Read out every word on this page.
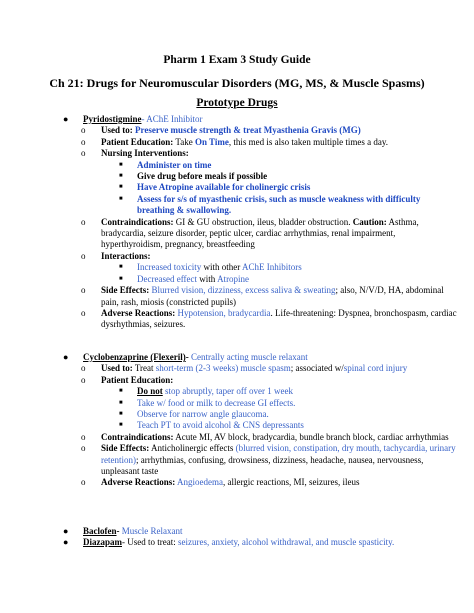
Pharm 1 Exam 3 Study Guide
Ch 21: Drugs for Neuromuscular Disorders (MG, MS, & Muscle Spasms)
Prototype Drugs
● Pyridostigmine- AChE Inhibitor
o Used to: Preserve muscle strength & treat Myasthenia Gravis (MG)
o Patient Education: Take On Time, this med is also taken multiple times a day.
o Nursing Interventions:
■ Administer on time
■ Give drug before meals if possible
■ Have Atropine available for cholinergic crisis
■ Assess for s/s of myasthenic crisis, such as muscle weakness with difficulty breathing & swallowing.
o Contraindications: GI & GU obstruction, ileus, bladder obstruction. Caution: Asthma, bradycardia, seizure disorder, peptic ulcer, cardiac arrhythmias, renal impairment, hyperthyroidism, pregnancy, breastfeeding
o Interactions:
■ Increased toxicity with other AChE Inhibitors
■ Decreased effect with Atropine
o Side Effects: Blurred vision, dizziness, excess saliva & sweating; also, N/V/D, HA, abdominal pain, rash, miosis (constricted pupils)
o Adverse Reactions: Hypotension, bradycardia. Life-threatening: Dyspnea, bronchospasm, cardiac dysrhythmias, seizures.
● Cyclobenzaprine (Flexeril)- Centrally acting muscle relaxant
o Used to: Treat short-term (2-3 weeks) muscle spasm; associated w/spinal cord injury
o Patient Education:
■ Do not stop abruptly, taper off over 1 week
■ Take w/ food or milk to decrease GI effects.
■ Observe for narrow angle glaucoma.
■ Teach PT to avoid alcohol & CNS depressants
o Contraindications: Acute MI, AV block, bradycardia, bundle branch block, cardiac arrhythmias
o Side Effects: Anticholinergic effects (blurred vision, constipation, dry mouth, tachycardia, urinary retention); arrhythmias, confusing, drowsiness, dizziness, headache, nausea, nervousness, unpleasant taste
o Adverse Reactions: Angioedema, allergic reactions, MI, seizures, ileus
● Baclofen- Muscle Relaxant
● Diazapam- Used to treat: seizures, anxiety, alcohol withdrawal, and muscle spasticity.
